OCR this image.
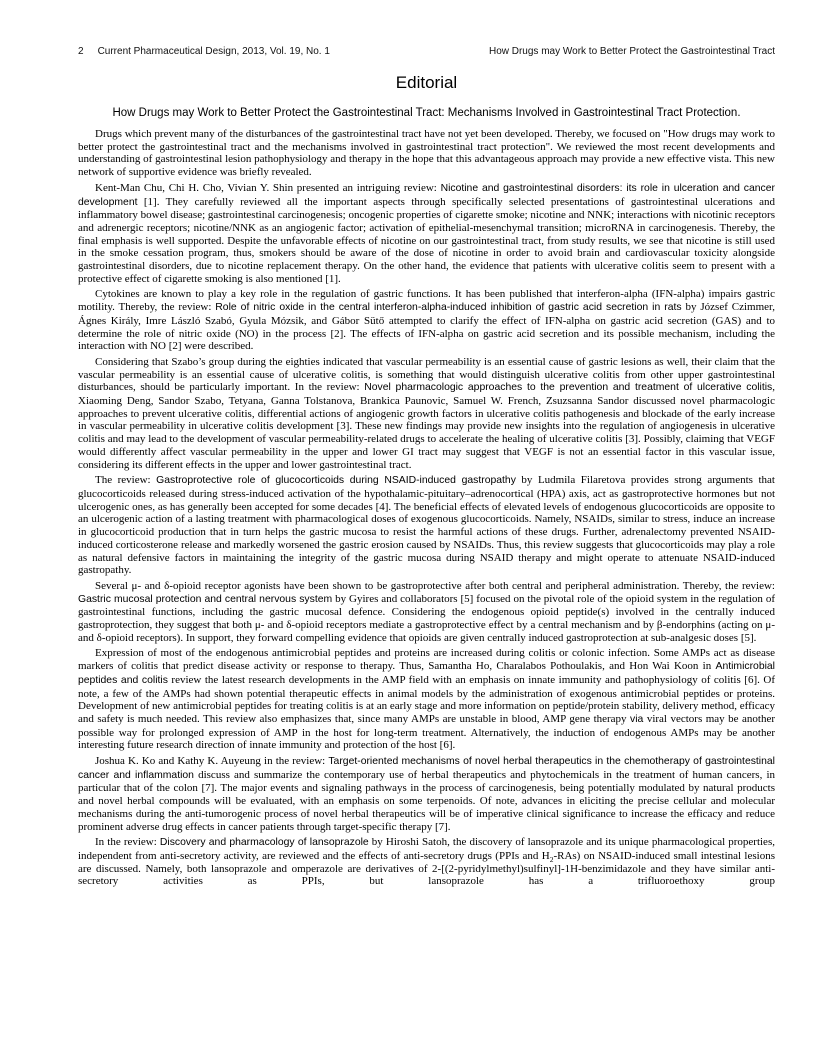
2 Current Pharmaceutical Design, 2013, Vol. 19, No. 1	How Drugs may Work to Better Protect the Gastrointestinal Tract
Editorial
How Drugs may Work to Better Protect the Gastrointestinal Tract: Mechanisms Involved in Gastrointestinal Tract Protection.

Drugs which prevent many of the disturbances of the gastrointestinal tract have not yet been developed. Thereby, we focused on "How drugs may work to better protect the gastrointestinal tract and the mechanisms involved in gastrointestinal tract protection". We reviewed the most recent developments and understanding of gastrointestinal lesion pathophysiology and therapy in the hope that this advantageous approach may provide a new effective vista. This new network of supportive evidence was briefly revealed.

Kent-Man Chu, Chi H. Cho, Vivian Y. Shin presented an intriguing review: Nicotine and gastrointestinal disorders: its role in ulceration and cancer development [1]. They carefully reviewed all the important aspects through specifically selected presentations of gastrointestinal ulcerations and inflammatory bowel disease; gastrointestinal carcinogenesis; oncogenic properties of cigarette smoke; nicotine and NNK; interactions with nicotinic receptors and adrenergic receptors; nicotine/NNK as an angiogenic factor; activation of epithelial-mesenchymal transition; microRNA in carcinogenesis. Thereby, the final emphasis is well supported. Despite the unfavorable effects of nicotine on our gastrointestinal tract, from study results, we see that nicotine is still used in the smoke cessation program, thus, smokers should be aware of the dose of nicotine in order to avoid brain and cardiovascular toxicity alongside gastrointestinal disorders, due to nicotine replacement therapy. On the other hand, the evidence that patients with ulcerative colitis seem to present with a protective effect of cigarette smoking is also mentioned [1].

Cytokines are known to play a key role in the regulation of gastric functions. It has been published that interferon-alpha (IFN-alpha) impairs gastric motility. Thereby, the review: Role of nitric oxide in the central interferon-alpha-induced inhibition of gastric acid secretion in rats by József Czimmer, Ágnes Király, Imre László Szabó, Gyula Mózsik, and Gábor Sütő attempted to clarify the effect of IFN-alpha on gastric acid secretion (GAS) and to determine the role of nitric oxide (NO) in the process [2]. The effects of IFN-alpha on gastric acid secretion and its possible mechanism, including the interaction with NO [2] were described.

Considering that Szabo’s group during the eighties indicated that vascular permeability is an essential cause of gastric lesions as well, their claim that the vascular permeability is an essential cause of ulcerative colitis, is something that would distinguish ulcerative colitis from other upper gastrointestinal disturbances, should be particularly important. In the review: Novel pharmacologic approaches to the prevention and treatment of ulcerative colitis, Xiaoming Deng, Sandor Szabo, Tetyana, Ganna Tolstanova, Brankica Paunovic, Samuel W. French, Zsuzsanna Sandor discussed novel pharmacologic approaches to prevent ulcerative colitis, differential actions of angiogenic growth factors in ulcerative colitis pathogenesis and blockade of the early increase in vascular permeability in ulcerative colitis development [3]. These new findings may provide new insights into the regulation of angiogenesis in ulcerative colitis and may lead to the development of vascular permeability-related drugs to accelerate the healing of ulcerative colitis [3]. Possibly, claiming that VEGF would differently affect vascular permeability in the upper and lower GI tract may suggest that VEGF is not an essential factor in this vascular issue, considering its different effects in the upper and lower gastrointestinal tract.

The review: Gastroprotective role of glucocorticoids during NSAID-induced gastropathy by Ludmila Filaretova provides strong arguments that glucocorticoids released during stress-induced activation of the hypothalamic-pituitary–adrenocortical (HPA) axis, act as gastroprotective hormones but not ulcerogenic ones, as has generally been accepted for some decades [4]. The beneficial effects of elevated levels of endogenous glucocorticoids are opposite to an ulcerogenic action of a lasting treatment with pharmacological doses of exogenous glucocorticoids. Namely, NSAIDs, similar to stress, induce an increase in glucocorticoid production that in turn helps the gastric mucosa to resist the harmful actions of these drugs. Further, adrenalectomy prevented NSAID-induced corticosterone release and markedly worsened the gastric erosion caused by NSAIDs. Thus, this review suggests that glucocorticoids may play a role as natural defensive factors in maintaining the integrity of the gastric mucosa during NSAID therapy and might operate to attenuate NSAID-induced gastropathy.

Several μ- and δ-opioid receptor agonists have been shown to be gastroprotective after both central and peripheral administration. Thereby, the review: Gastric mucosal protection and central nervous system by Gyires and collaborators [5] focused on the pivotal role of the opioid system in the regulation of gastrointestinal functions, including the gastric mucosal defence. Considering the endogenous opioid peptide(s) involved in the centrally induced gastroprotection, they suggest that both μ- and δ-opioid receptors mediate a gastroprotective effect by a central mechanism and by β-endorphins (acting on μ- and δ-opioid receptors). In support, they forward compelling evidence that opioids are given centrally induced gastroprotection at sub-analgesic doses [5].

Expression of most of the endogenous antimicrobial peptides and proteins are increased during colitis or colonic infection. Some AMPs act as disease markers of colitis that predict disease activity or response to therapy. Thus, Samantha Ho, Charalabos Pothoulakis, and Hon Wai Koon in Antimicrobial peptides and colitis review the latest research developments in the AMP field with an emphasis on innate immunity and pathophysiology of colitis [6]. Of note, a few of the AMPs had shown potential therapeutic effects in animal models by the administration of exogenous antimicrobial peptides or proteins. Development of new antimicrobial peptides for treating colitis is at an early stage and more information on peptide/protein stability, delivery method, efficacy and safety is much needed. This review also emphasizes that, since many AMPs are unstable in blood, AMP gene therapy via viral vectors may be another possible way for prolonged expression of AMP in the host for long-term treatment. Alternatively, the induction of endogenous AMPs may be another interesting future research direction of innate immunity and protection of the host [6].

Joshua K. Ko and Kathy K. Auyeung in the review: Target-oriented mechanisms of novel herbal therapeutics in the chemotherapy of gastrointestinal cancer and inflammation discuss and summarize the contemporary use of herbal therapeutics and phytochemicals in the treatment of human cancers, in particular that of the colon [7]. The major events and signaling pathways in the process of carcinogenesis, being potentially modulated by natural products and novel herbal compounds will be evaluated, with an emphasis on some terpenoids. Of note, advances in eliciting the precise cellular and molecular mechanisms during the anti-tumorogenic process of novel herbal therapeutics will be of imperative clinical significance to increase the efficacy and reduce prominent adverse drug effects in cancer patients through target-specific therapy [7].

In the review: Discovery and pharmacology of lansoprazole by Hiroshi Satoh, the discovery of lansoprazole and its unique pharmacological properties, independent from anti-secretory activity, are reviewed and the effects of anti-secretory drugs (PPIs and $H_2-RAs$) on NSAID-induced small intestinal lesions are discussed. Namely, both lansoprazole and omperazole are derivatives of 2-[(2-pyridylmethyl)sulfinyl]-1H-benzimidazole and they have similar anti-secretory activities as PPIs, but lansoprazole has a trifluoroethoxy group
